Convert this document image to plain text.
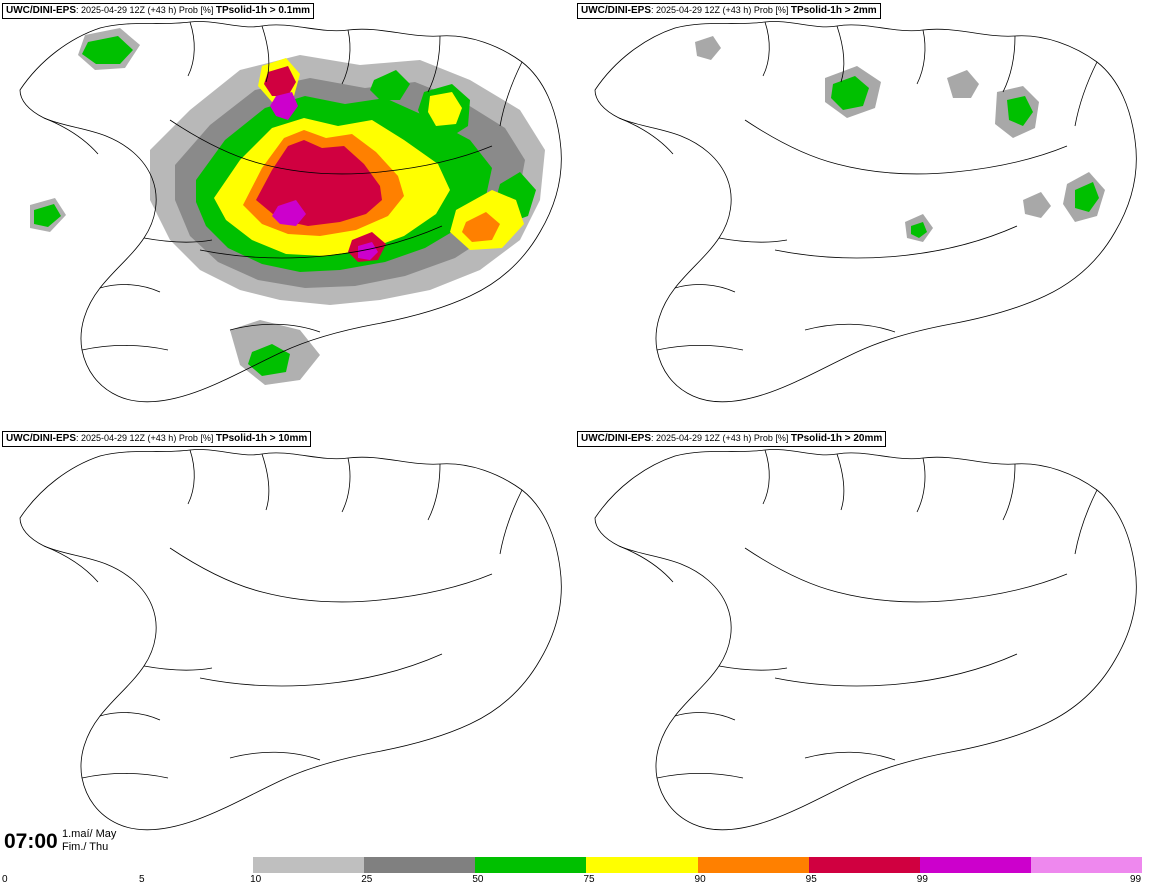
UWC/DINI-EPS: 2025-04-29 12Z (+43 h) Prob [%] TPsolid-1h > 0.1mm	UWC/DINI-EPS: 2025-04-29 12Z (+43 h) Prob [%] TPsolid-1h > 2mm
UWC/DINI-EPS: 2025-04-29 12Z (+43 h) Prob [%] TPsolid-1h > 10mm	UWC/DINI-EPS: 2025-04-29 12Z (+43 h) Prob [%] TPsolid-1h > 20mm
07:00 1.maí/ May
Fim./ Thu
0	5	10	25	50	75	90	95	99	99
